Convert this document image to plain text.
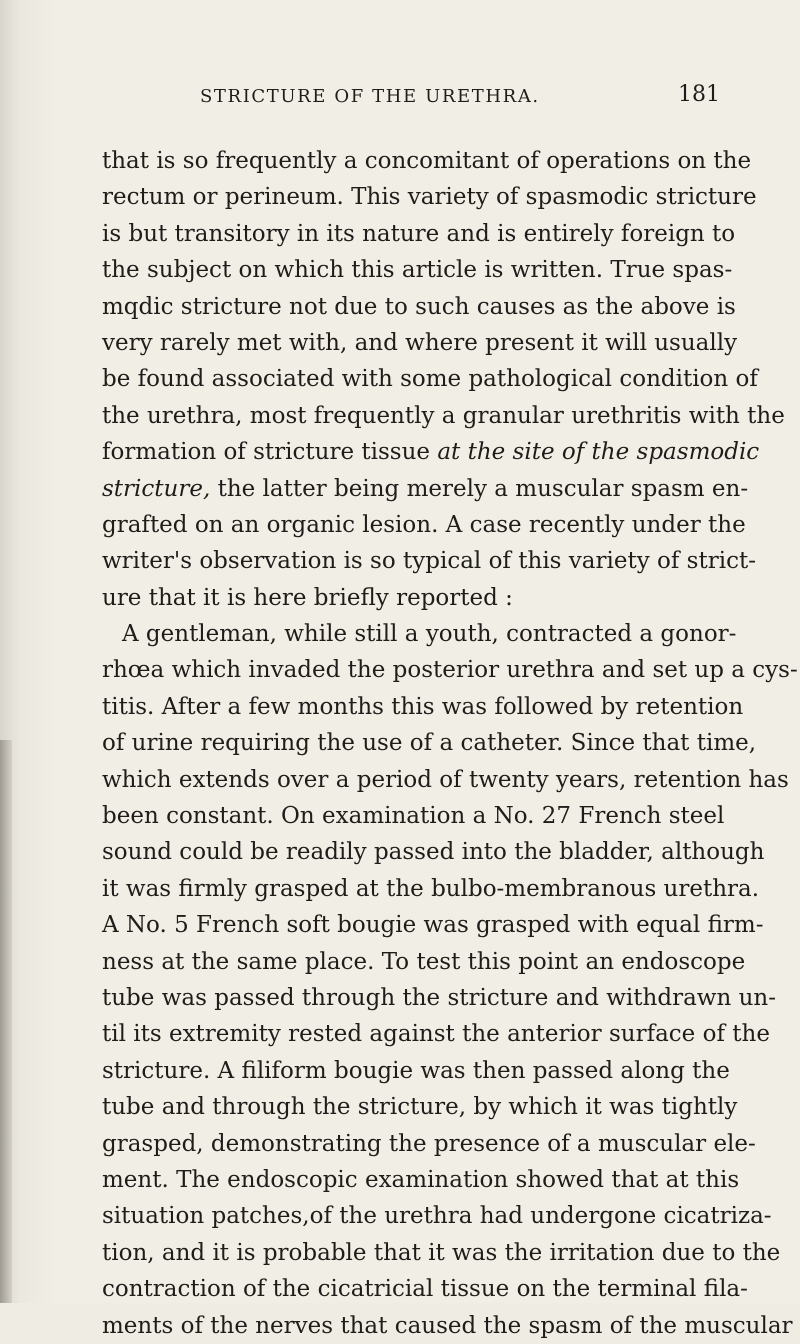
STRICTURE OF THE URETHRA.	181
that is so frequently a concomitant of operations on the
rectum or perineum. This variety of spasmodic stricture
is but transitory in its nature and is entirely foreign to
the subject on which this article is written. True spas-
mqdic stricture not due to such causes as the above is
very rarely met with, and where present it will usually
be found associated with some pathological condition of
the urethra, most frequently a granular urethritis with the
formation of stricture tissue at the site of the spasmodic
stricture, the latter being merely a muscular spasm en-
grafted on an organic lesion. A case recently under the
writer's observation is so typical of this variety of strict-
ure that it is here briefly reported :
A gentleman, while still a youth, contracted a gonor-
rhœa which invaded the posterior urethra and set up a cys-
titis. After a few months this was followed by retention
of urine requiring the use of a catheter. Since that time,
which extends over a period of twenty years, retention has
been constant. On examination a No. 27 French steel
sound could be readily passed into the bladder, although
it was firmly grasped at the bulbo-membranous urethra.
A No. 5 French soft bougie was grasped with equal firm-
ness at the same place. To test this point an endoscope
tube was passed through the stricture and withdrawn un-
til its extremity rested against the anterior surface of the
stricture. A filiform bougie was then passed along the
tube and through the stricture, by which it was tightly
grasped, demonstrating the presence of a muscular ele-
ment. The endoscopic examination showed that at this
situation patches,of the urethra had undergone cicatriza-
tion, and it is probable that it was the irritation due to the
contraction of the cicatricial tissue on the terminal fila-
ments of the nerves that caused the spasm of the muscular
